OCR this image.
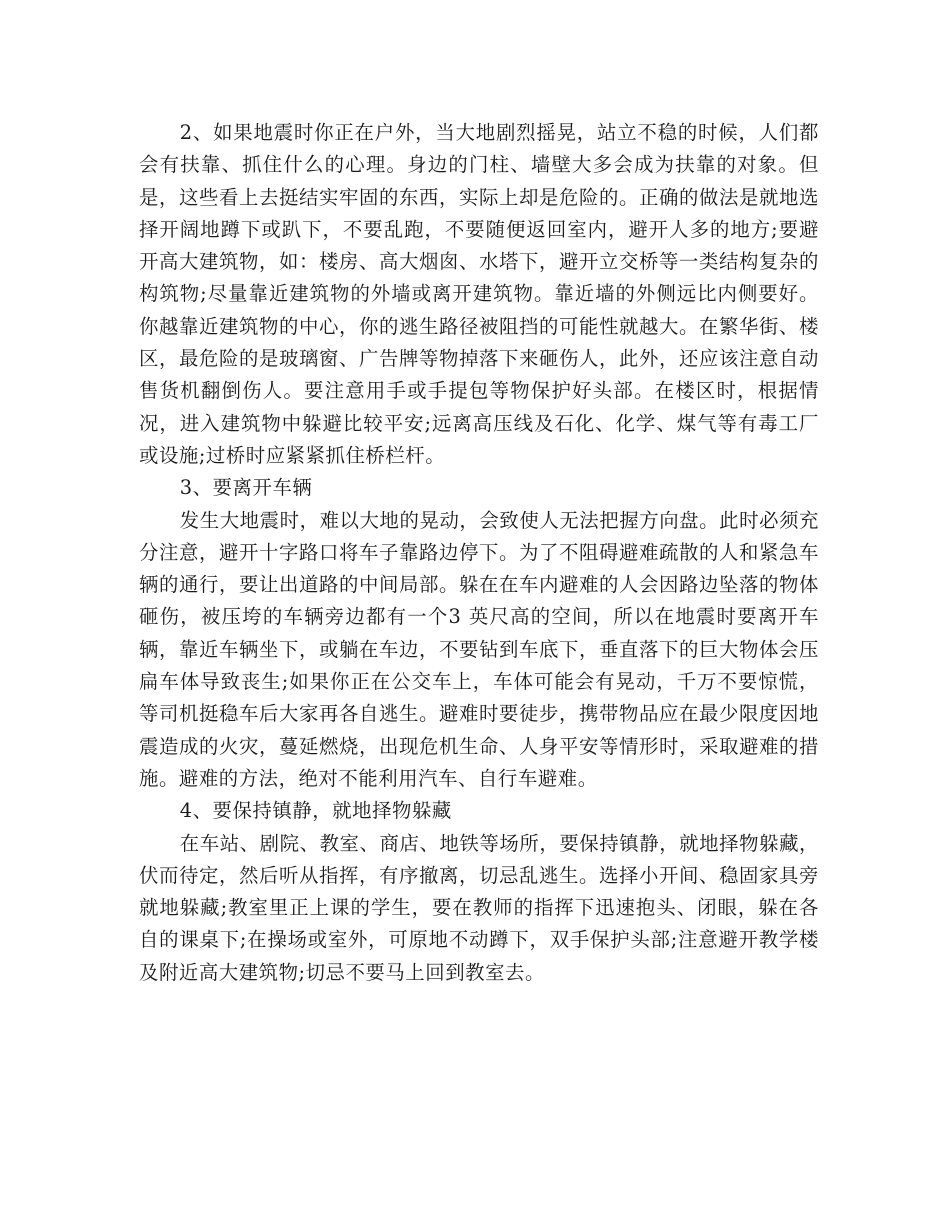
2、如果地震时你正在户外，当大地剧烈摇晃，站立不稳的时候，人们都会有扶靠、抓住什么的心理。身边的门柱、墙壁大多会成为扶靠的对象。但是，这些看上去挺结实牢固的东西，实际上却是危险的。正确的做法是就地选择开阔地蹲下或趴下，不要乱跑，不要随便返回室内，避开人多的地方;要避开高大建筑物，如：楼房、高大烟囱、水塔下，避开立交桥等一类结构复杂的构筑物;尽量靠近建筑物的外墙或离开建筑物。靠近墙的外侧远比内侧要好。你越靠近建筑物的中心，你的逃生路径被阻挡的可能性就越大。在繁华街、楼区，最危险的是玻璃窗、广告牌等物掉落下来砸伤人，此外，还应该注意自动售货机翻倒伤人。要注意用手或手提包等物保护好头部。在楼区时，根据情况，进入建筑物中躲避比较平安;远离高压线及石化、化学、煤气等有毒工厂或设施;过桥时应紧紧抓住桥栏杆。

3、要离开车辆

发生大地震时，难以大地的晃动，会致使人无法把握方向盘。此时必须充分注意，避开十字路口将车子靠路边停下。为了不阻碍避难疏散的人和紧急车辆的通行，要让出道路的中间局部。躲在在车内避难的人会因路边坠落的物体砸伤，被压垮的车辆旁边都有一个3 英尺高的空间，所以在地震时要离开车辆，靠近车辆坐下，或躺在车边，不要钻到车底下，垂直落下的巨大物体会压扁车体导致丧生;如果你正在公交车上，车体可能会有晃动，千万不要惊慌，等司机挺稳车后大家再各自逃生。避难时要徒步，携带物品应在最少限度因地震造成的火灾，蔓延燃烧，出现危机生命、人身平安等情形时，采取避难的措施。避难的方法，绝对不能利用汽车、自行车避难。

4、要保持镇静，就地择物躲藏

在车站、剧院、教室、商店、地铁等场所，要保持镇静，就地择物躲藏，伏而待定，然后听从指挥，有序撤离，切忌乱逃生。选择小开间、稳固家具旁就地躲藏;教室里正上课的学生，要在教师的指挥下迅速抱头、闭眼，躲在各自的课桌下;在操场或室外，可原地不动蹲下，双手保护头部;注意避开教学楼及附近高大建筑物;切忌不要马上回到教室去。
